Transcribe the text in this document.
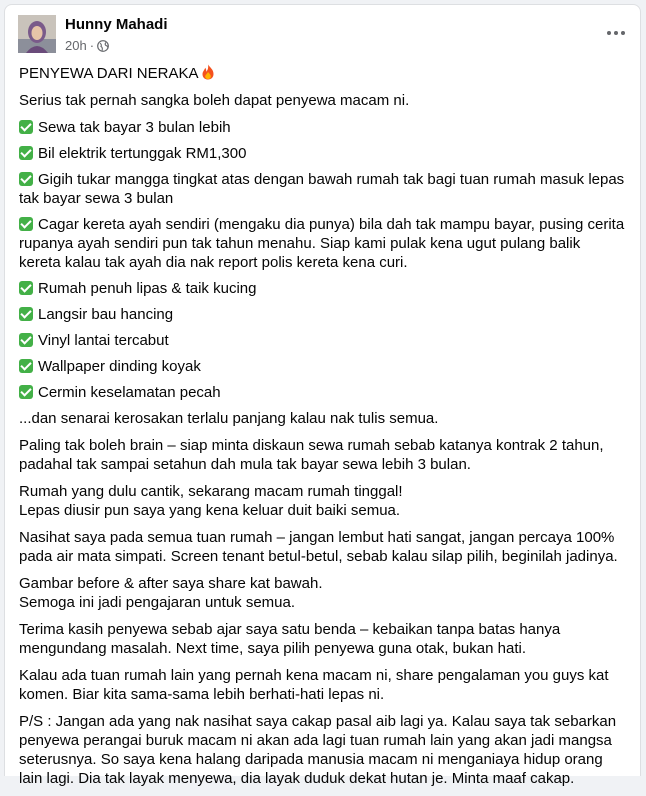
Hunny Mahadi
20h ·

PENYEWA DARI NERAKA

Serius tak pernah sangka boleh dapat penyewa macam ni.

Sewa tak bayar 3 bulan lebih

Bil elektrik tertunggak RM1,300

Gigih tukar mangga tingkat atas dengan bawah rumah tak bagi tuan rumah masuk lepas tak bayar sewa 3 bulan

Cagar kereta ayah sendiri (mengaku dia punya) bila dah tak mampu bayar, pusing cerita rupanya ayah sendiri pun tak tahun menahu. Siap kami pulak kena ugut pulang balik kereta kalau tak ayah dia nak report polis kereta kena curi.

Rumah penuh lipas & taik kucing

Langsir bau hancing

Vinyl lantai tercabut

Wallpaper dinding koyak

Cermin keselamatan pecah

...dan senarai kerosakan terlalu panjang kalau nak tulis semua.

Paling tak boleh brain – siap minta diskaun sewa rumah sebab katanya kontrak 2 tahun, padahal tak sampai setahun dah mula tak bayar sewa lebih 3 bulan.

Rumah yang dulu cantik, sekarang macam rumah tinggal!
Lepas diusir pun saya yang kena keluar duit baiki semua.

Nasihat saya pada semua tuan rumah – jangan lembut hati sangat, jangan percaya 100% pada air mata simpati. Screen tenant betul-betul, sebab kalau silap pilih, beginilah jadinya.

Gambar before & after saya share kat bawah.
Semoga ini jadi pengajaran untuk semua.

Terima kasih penyewa sebab ajar saya satu benda – kebaikan tanpa batas hanya mengundang masalah. Next time, saya pilih penyewa guna otak, bukan hati.

Kalau ada tuan rumah lain yang pernah kena macam ni, share pengalaman you guys kat komen. Biar kita sama-sama lebih berhati-hati lepas ni.

P/S : Jangan ada yang nak nasihat saya cakap pasal aib lagi ya. Kalau saya tak sebarkan penyewa perangai buruk macam ni akan ada lagi tuan rumah lain yang akan jadi mangsa seterusnya. So saya kena halang daripada manusia macam ni menganiaya hidup orang lain lagi. Dia tak layak menyewa, dia layak duduk dekat hutan je. Minta maaf cakap.
